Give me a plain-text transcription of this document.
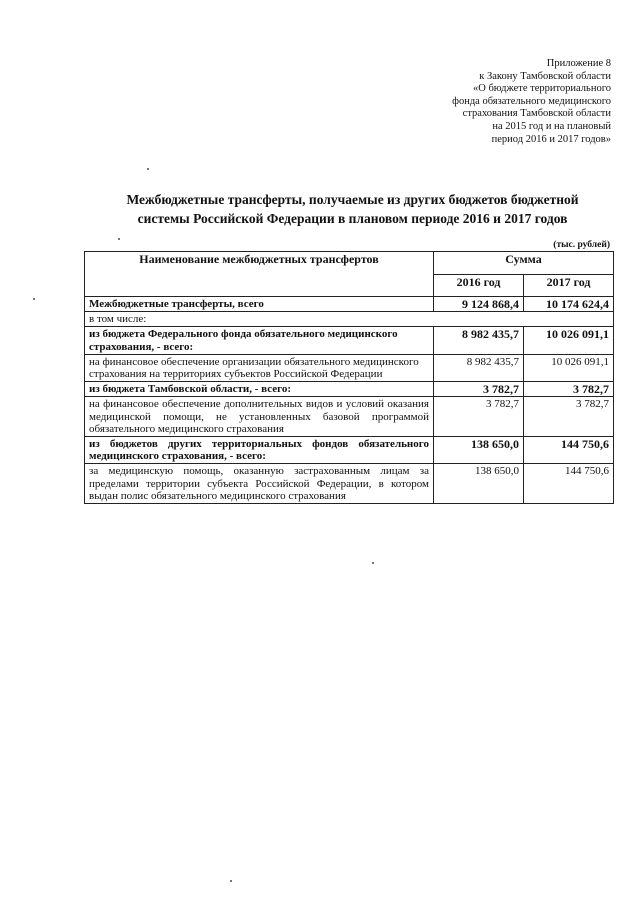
Приложение 8
к Закону Тамбовской области
«О бюджете территориального
фонда обязательного медицинского
страхования Тамбовской области
на 2015 год и на плановый
период 2016 и 2017 годов»
Межбюджетные трансферты, получаемые из других бюджетов бюджетной
системы Российской Федерации в плановом периоде 2016 и 2017 годов
(тыс. рублей)
Наименование межбюджетных трансфертов	Сумма	
	2016 год	2017 год
Межбюджетные трансферты, всего	9 124 868,4	10 174 624,4
в том числе:		
из бюджета Федерального фонда обязательного медицинского страхования, - всего:	8 982 435,7	10 026 091,1
на финансовое обеспечение организации обязательного медицинского страхования на территориях субъектов Российской Федерации	8 982 435,7	10 026 091,1
из бюджета Тамбовской области, - всего:	3 782,7	3 782,7
на финансовое обеспечение дополнительных видов и условий оказания медицинской помощи, не установленных базовой программой обязательного медицинского страхования	3 782,7	3 782,7
из бюджетов других территориальных фондов обязательного медицинского страхования, - всего:	138 650,0	144 750,6
за медицинскую помощь, оказанную застрахованным лицам за пределами территории субъекта Российской Федерации, в котором выдан полис обязательного медицинского страхования	138 650,0	144 750,6
